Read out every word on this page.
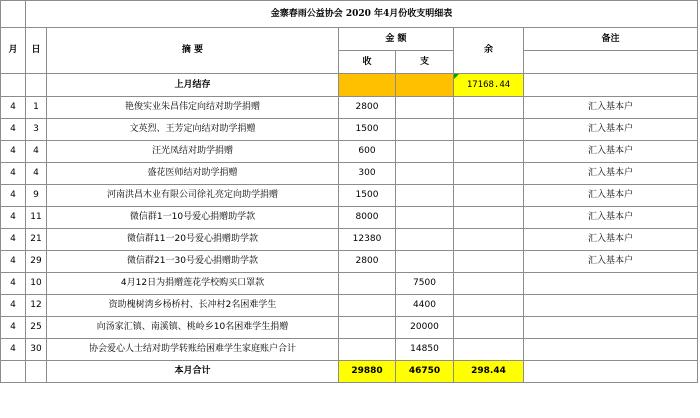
	金寨春雨公益协会 2020 年4月份收支明细表					
月	日	摘 要	金 额		余	备注
			收	支		
		上月结存			17168.44	
4	1	艳俊实业朱昌伟定向结对助学捐赠	2800			汇入基本户
4	3	文英烈、王芳定向结对助学捐赠	1500			汇入基本户
4	4	汪光凤结对助学捐赠	600			汇入基本户
4	4	盛花医师结对助学捐赠	300			汇入基本户
4	9	河南洪昌木业有限公司徐礼亮定向助学捐赠	1500			汇入基本户
4	11	微信群1一10号爱心捐赠助学款	8000			汇入基本户
4	21	微信群11一20号爱心捐赠助学款	12380			汇入基本户
4	29	微信群21一30号爱心捐赠助学款	2800			汇入基本户
4	10	4月12日为捐赠莲花学校购买口罩款		7500		
4	12	资助槐树湾乡杨桥村、长冲村2名困难学生		4400		
4	25	向汤家汇镇、南溪镇、桃岭乡10名困难学生捐赠		20000		
4	30	协会爱心人士结对助学转账给困难学生家庭账户合计		14850		
		本月合计	29880	46750	298.44	
